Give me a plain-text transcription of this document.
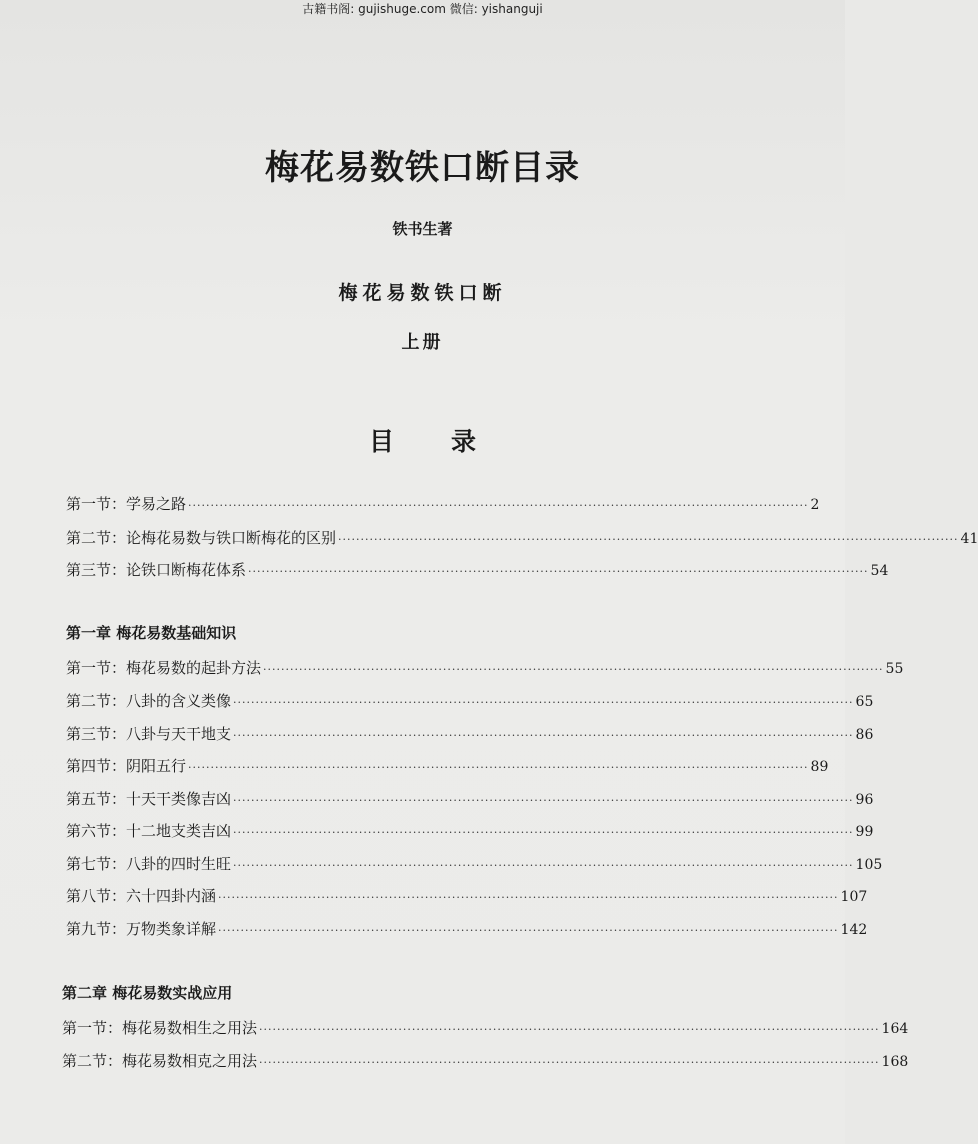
古籍书阁: gujishuge.com 微信: yishanguji
梅花易数铁口断目录
铁书生著
梅花易数铁口断
上册
目　录
第一节：学易之路 ·········································································································································· 2
第二节：论梅花易数与铁口断梅花的区别 ·········································································································································· 41
第三节：论铁口断梅花体系 ·········································································································································· 54
第一章 梅花易数基础知识
第一节：梅花易数的起卦方法 ·········································································································································· 55
第二节：八卦的含义类像 ·········································································································································· 65
第三节：八卦与天干地支 ·········································································································································· 86
第四节：阴阳五行 ·········································································································································· 89
第五节：十天干类像吉凶 ·········································································································································· 96
第六节：十二地支类吉凶 ·········································································································································· 99
第七节：八卦的四时生旺 ·········································································································································· 105
第八节：六十四卦内涵 ·········································································································································· 107
第九节：万物类象详解 ·········································································································································· 142
第二章 梅花易数实战应用
第一节：梅花易数相生之用法 ·········································································································································· 164
第二节：梅花易数相克之用法 ·········································································································································· 168
